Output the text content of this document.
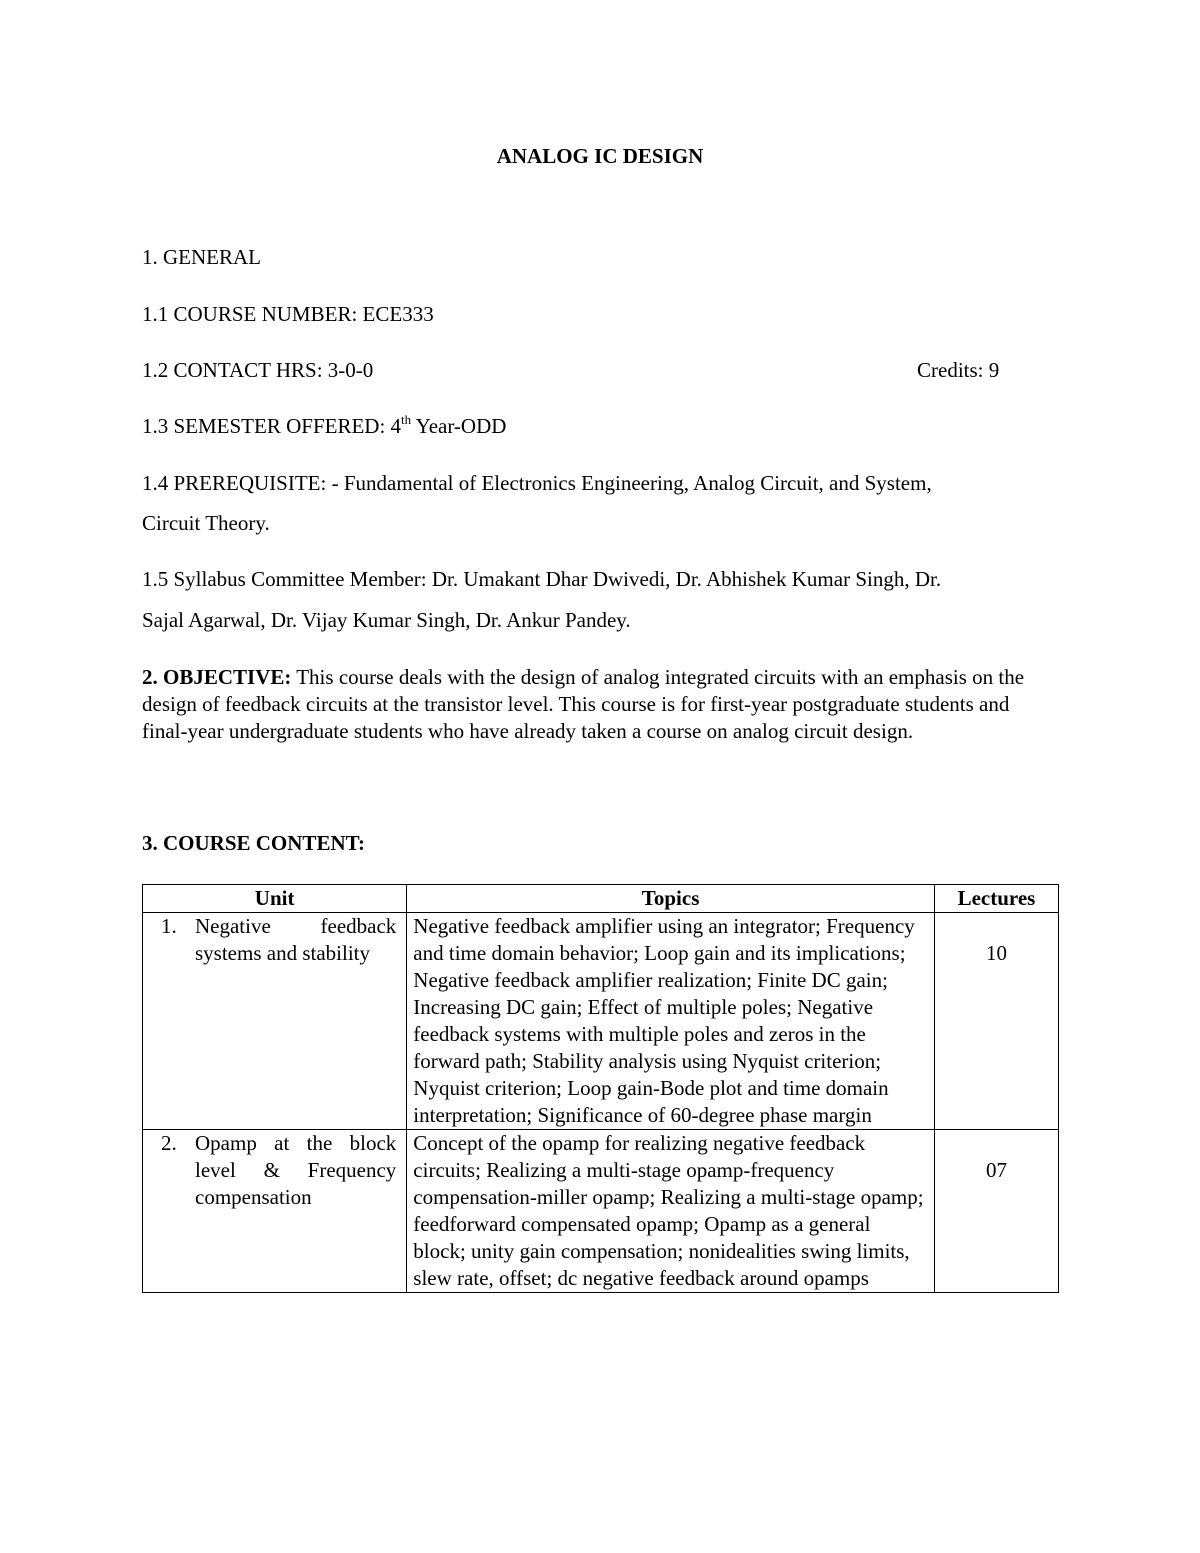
ANALOG IC DESIGN
1. GENERAL
1.1 COURSE NUMBER: ECE333
1.2 CONTACT HRS: 3-0-0	Credits: 9
1.3 SEMESTER OFFERED: 4th Year-ODD
1.4 PREREQUISITE: - Fundamental of Electronics Engineering, Analog Circuit, and System,
Circuit Theory.
1.5 Syllabus Committee Member: Dr. Umakant Dhar Dwivedi, Dr. Abhishek Kumar Singh, Dr.
Sajal Agarwal, Dr. Vijay Kumar Singh, Dr. Ankur Pandey.
2. OBJECTIVE: This course deals with the design of analog integrated circuits with an emphasis on the design of feedback circuits at the transistor level. This course is for first-year postgraduate students and final-year undergraduate students who have already taken a course on analog circuit design.
3. COURSE CONTENT:
Unit	Topics	Lectures

1. Negative feedback systems and stability	Negative feedback amplifier using an integrator; Frequency and time domain behavior; Loop gain and its implications; Negative feedback amplifier realization; Finite DC gain; Increasing DC gain; Effect of multiple poles; Negative feedback systems with multiple poles and zeros in the forward path; Stability analysis using Nyquist criterion; Nyquist criterion; Loop gain-Bode plot and time domain interpretation; Significance of 60-degree phase margin	10

2. Opamp at the block level & Frequency compensation	Concept of the opamp for realizing negative feedback circuits; Realizing a multi-stage opamp-frequency compensation-miller opamp; Realizing a multi-stage opamp; feedforward compensated opamp; Opamp as a general block; unity gain compensation; nonidealities swing limits, slew rate, offset; dc negative feedback around opamps	07
